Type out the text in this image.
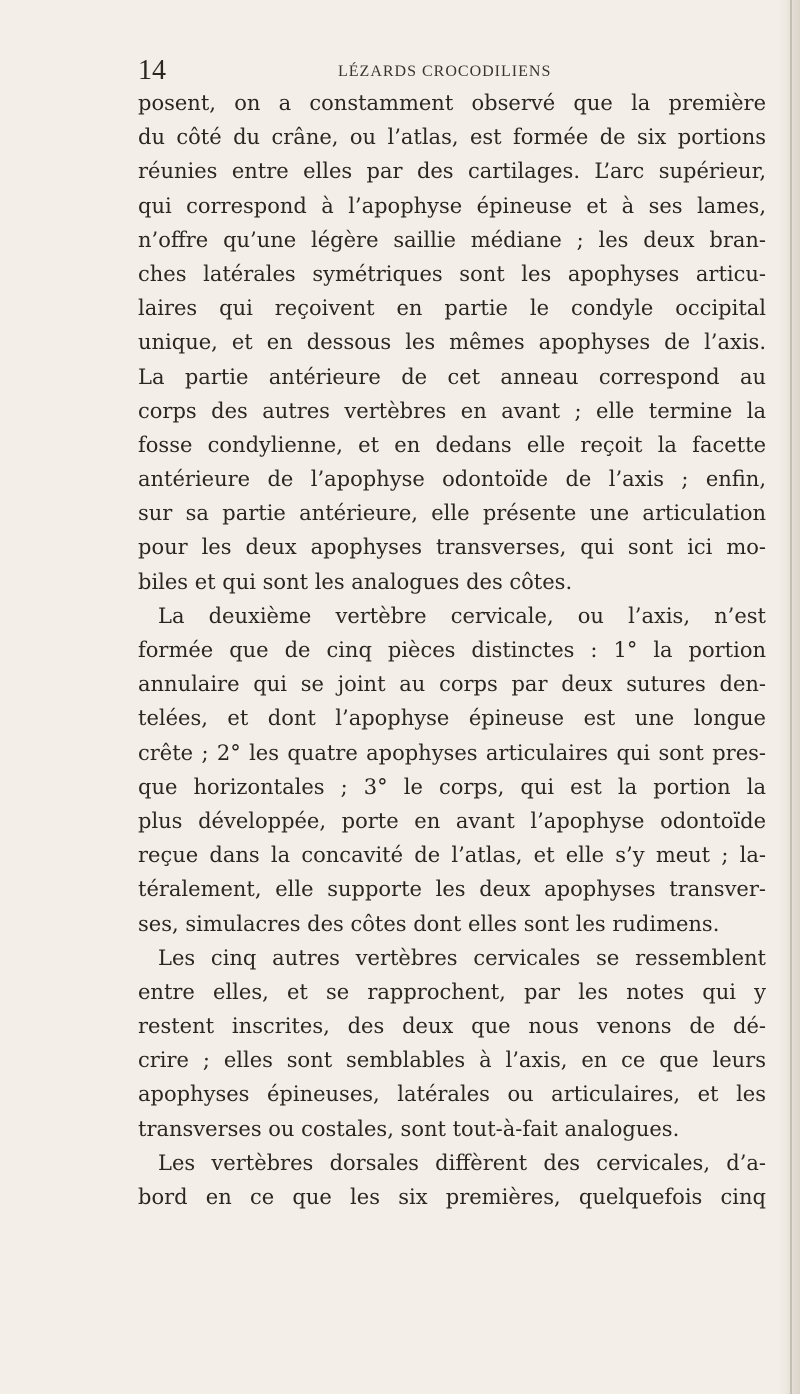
14	LÉZARDS CROCODILIENS
posent, on a constamment observé que la première
du côté du crâne, ou l’atlas, est formée de six portions
réunies entre elles par des cartilages. L’arc supérieur,
qui correspond à l’apophyse épineuse et à ses lames,
n’offre qu’une légère saillie médiane ; les deux bran-
ches latérales symétriques sont les apophyses articu-
laires qui reçoivent en partie le condyle occipital
unique, et en dessous les mêmes apophyses de l’axis.
La partie antérieure de cet anneau correspond au
corps des autres vertèbres en avant ; elle termine la
fosse condylienne, et en dedans elle reçoit la facette
antérieure de l’apophyse odontoïde de l’axis ; enfin,
sur sa partie antérieure, elle présente une articulation
pour les deux apophyses transverses, qui sont ici mo-
biles et qui sont les analogues des côtes.
La deuxième vertèbre cervicale, ou l’axis, n’est
formée que de cinq pièces distinctes : 1° la portion
annulaire qui se joint au corps par deux sutures den-
telées, et dont l’apophyse épineuse est une longue
crête ; 2° les quatre apophyses articulaires qui sont pres-
que horizontales ; 3° le corps, qui est la portion la
plus développée, porte en avant l’apophyse odontoïde
reçue dans la concavité de l’atlas, et elle s’y meut ; la-
téralement, elle supporte les deux apophyses transver-
ses, simulacres des côtes dont elles sont les rudimens.
Les cinq autres vertèbres cervicales se ressemblent
entre elles, et se rapprochent, par les notes qui y
restent inscrites, des deux que nous venons de dé-
crire ; elles sont semblables à l’axis, en ce que leurs
apophyses épineuses, latérales ou articulaires, et les
transverses ou costales, sont tout-à-fait analogues.
Les vertèbres dorsales diffèrent des cervicales, d’a-
bord en ce que les six premières, quelquefois cinq
